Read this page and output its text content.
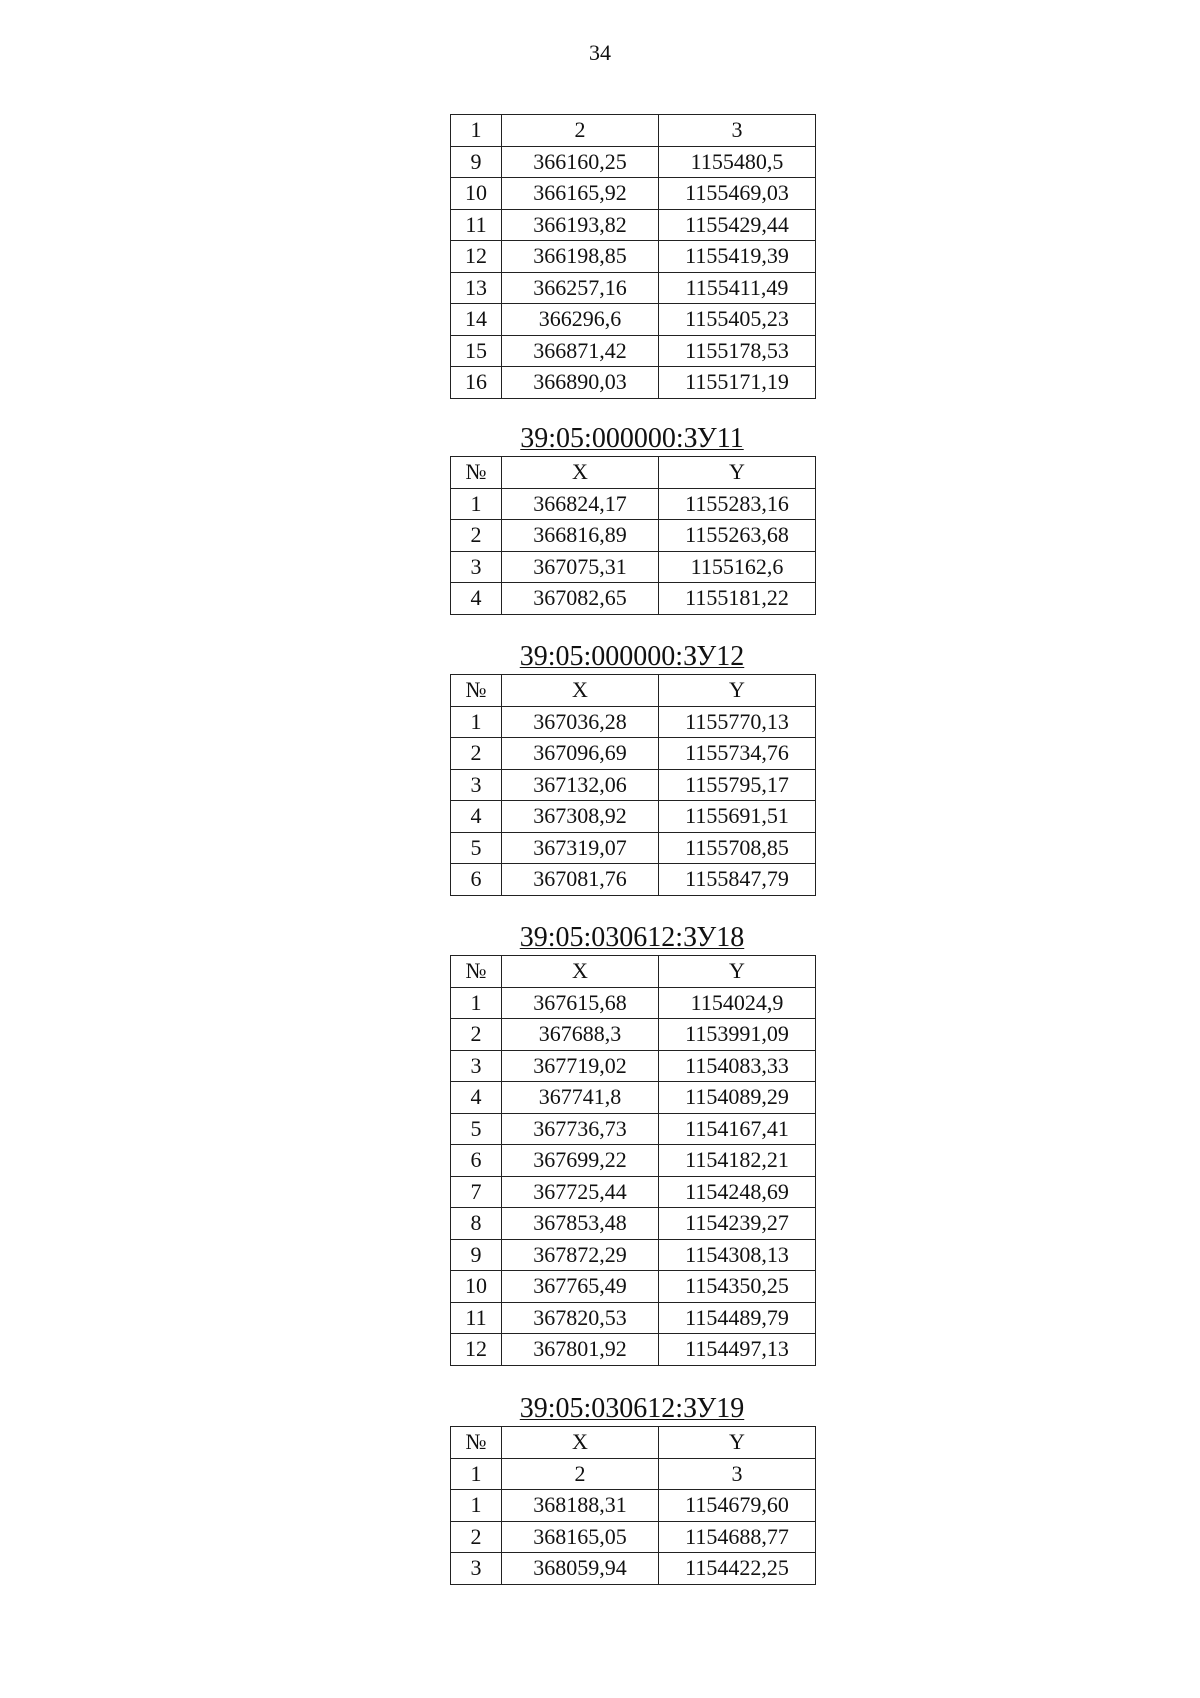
34
1	2	3
9	366160,25	1155480,5
10	366165,92	1155469,03
11	366193,82	1155429,44
12	366198,85	1155419,39
13	366257,16	1155411,49
14	366296,6	1155405,23
15	366871,42	1155178,53
16	366890,03	1155171,19
39:05:000000:ЗУ11
№	X	Y
1	366824,17	1155283,16
2	366816,89	1155263,68
3	367075,31	1155162,6
4	367082,65	1155181,22
39:05:000000:ЗУ12
№	X	Y
1	367036,28	1155770,13
2	367096,69	1155734,76
3	367132,06	1155795,17
4	367308,92	1155691,51
5	367319,07	1155708,85
6	367081,76	1155847,79
39:05:030612:ЗУ18
№	X	Y
1	367615,68	1154024,9
2	367688,3	1153991,09
3	367719,02	1154083,33
4	367741,8	1154089,29
5	367736,73	1154167,41
6	367699,22	1154182,21
7	367725,44	1154248,69
8	367853,48	1154239,27
9	367872,29	1154308,13
10	367765,49	1154350,25
11	367820,53	1154489,79
12	367801,92	1154497,13
39:05:030612:ЗУ19
№	X	Y
1	2	3
1	368188,31	1154679,60
2	368165,05	1154688,77
3	368059,94	1154422,25
